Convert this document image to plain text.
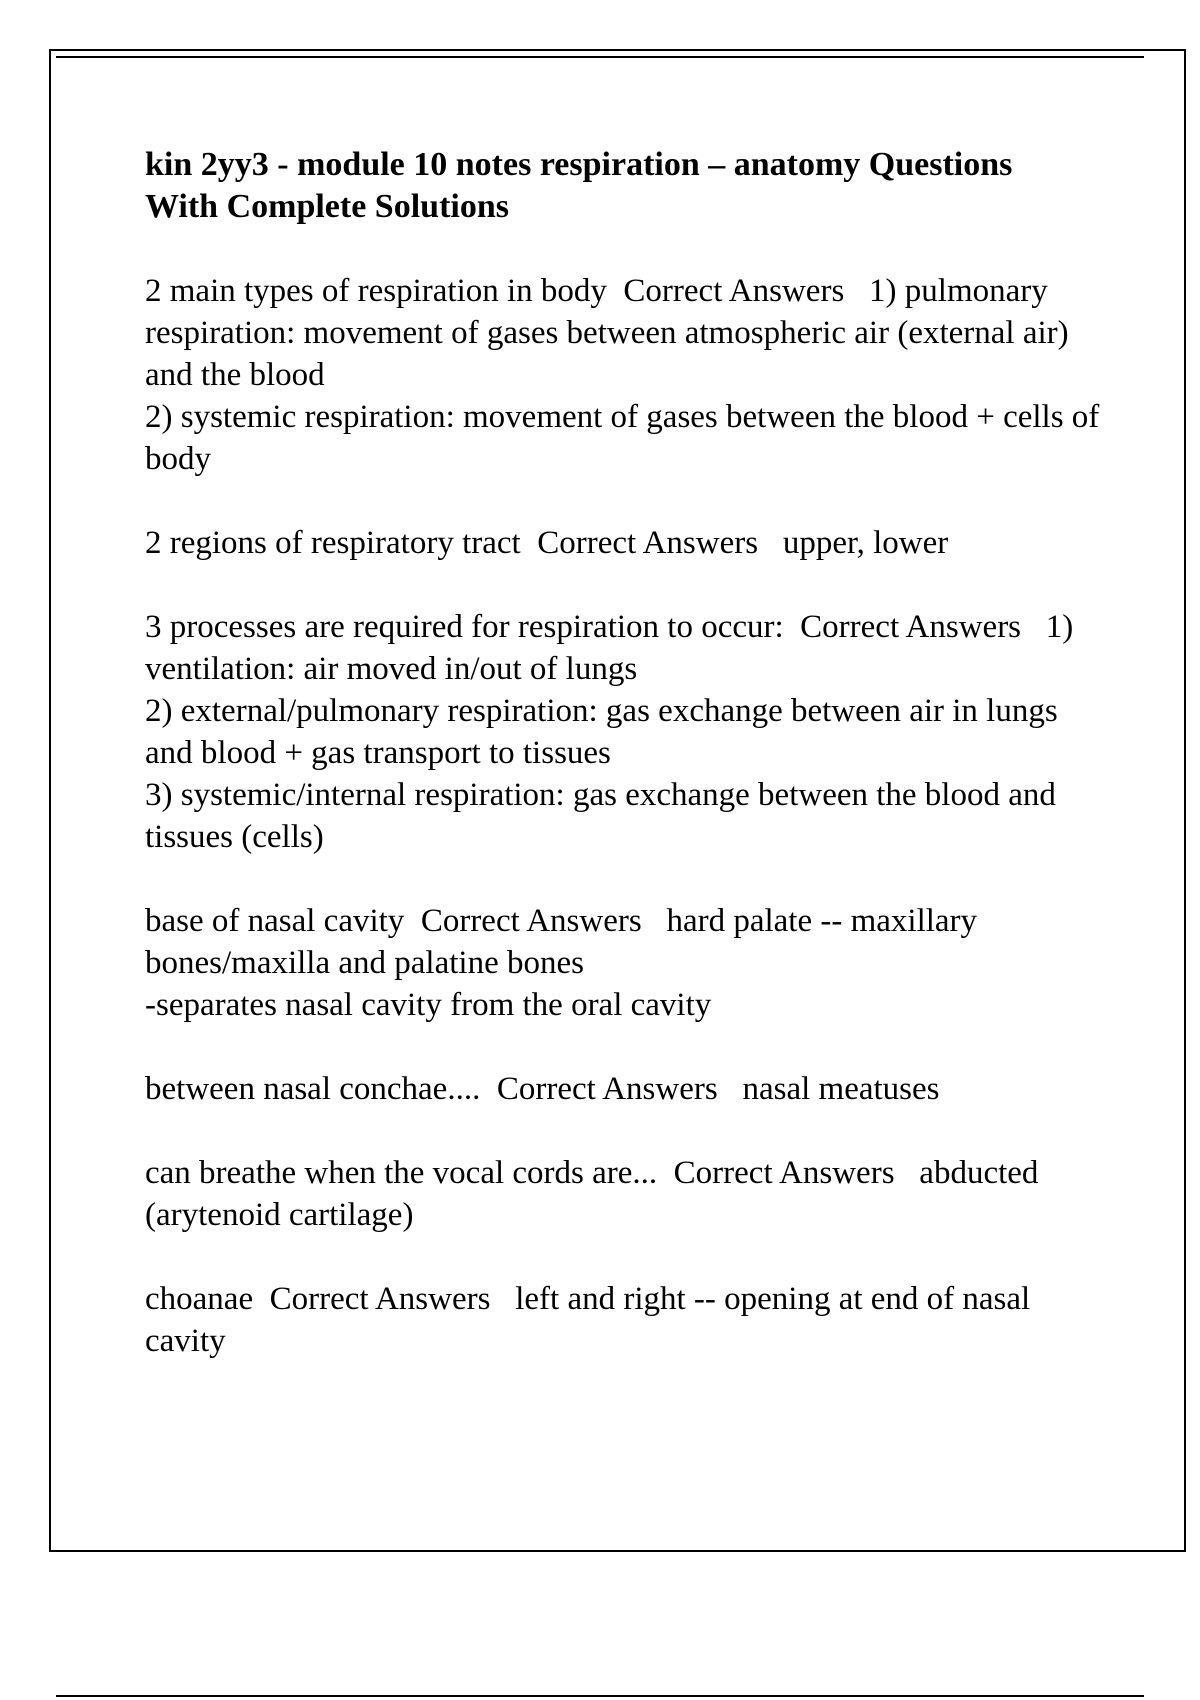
kin 2yy3 - module 10 notes respiration – anatomy Questions
With Complete Solutions
2 main types of respiration in body Correct Answers 1) pulmonary respiration: movement of gases between atmospheric air (external air) and the blood
2) systemic respiration: movement of gases between the blood + cells of body
2 regions of respiratory tract Correct Answers upper, lower
3 processes are required for respiration to occur: Correct Answers 1) ventilation: air moved in/out of lungs
2) external/pulmonary respiration: gas exchange between air in lungs and blood + gas transport to tissues
3) systemic/internal respiration: gas exchange between the blood and tissues (cells)
base of nasal cavity Correct Answers hard palate -- maxillary bones/maxilla and palatine bones
-separates nasal cavity from the oral cavity
between nasal conchae.... Correct Answers nasal meatuses
can breathe when the vocal cords are... Correct Answers abducted (arytenoid cartilage)
choanae Correct Answers left and right -- opening at end of nasal cavity
